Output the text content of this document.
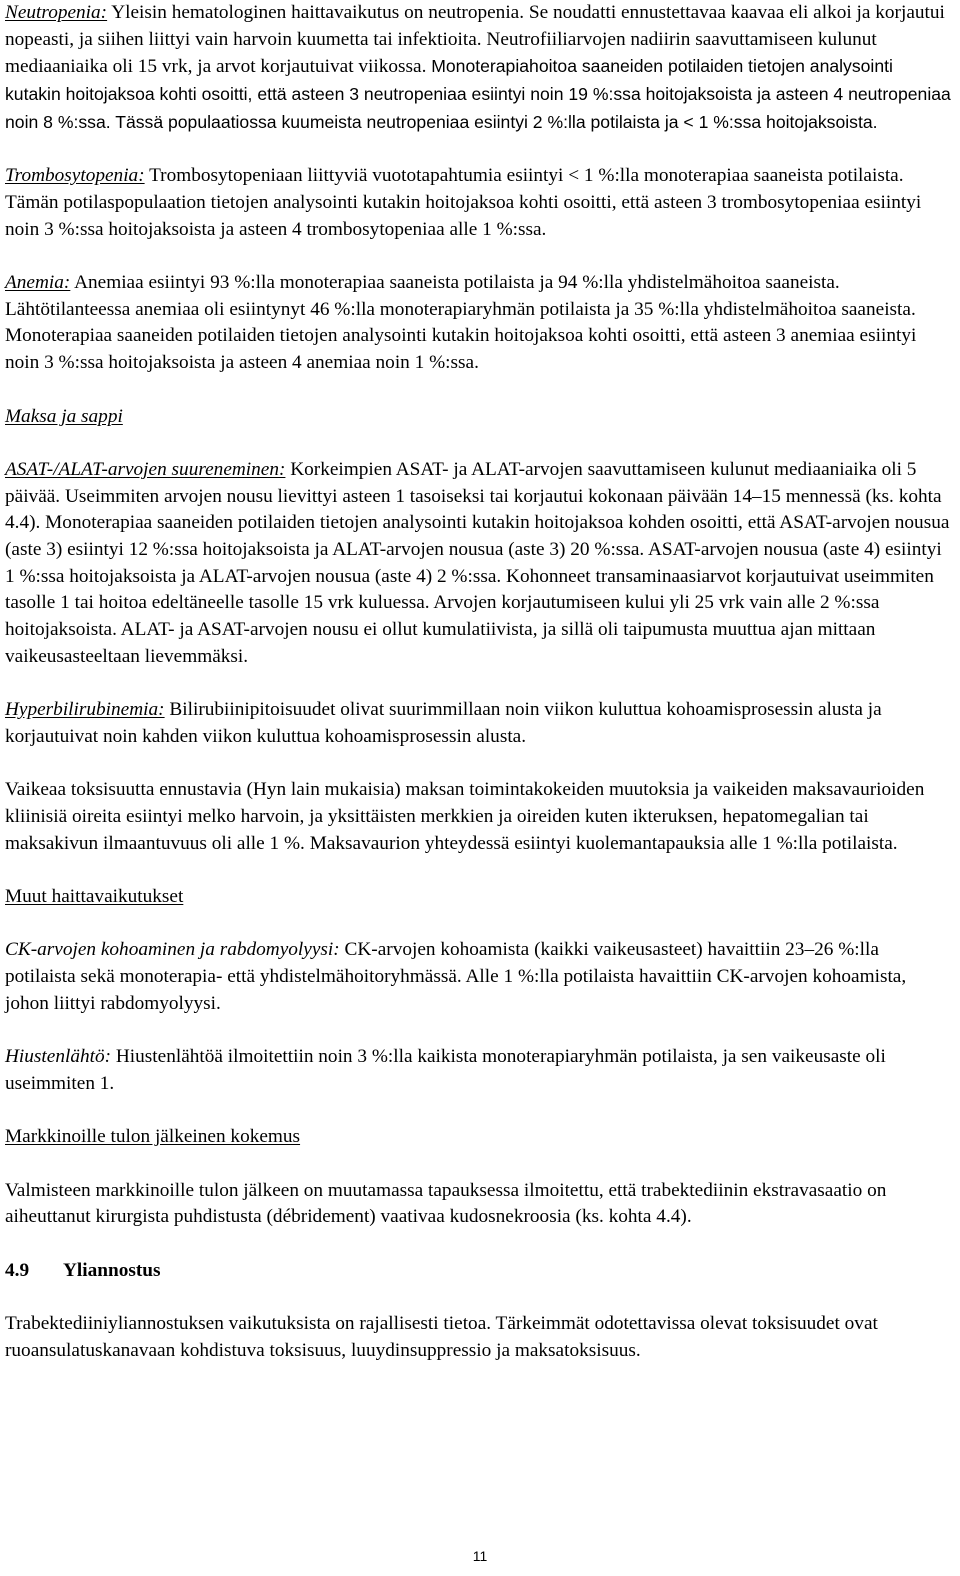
Neutropenia: Yleisin hematologinen haittavaikutus on neutropenia. Se noudatti ennustettavaa kaavaa eli alkoi ja korjautui nopeasti, ja siihen liittyi vain harvoin kuumetta tai infektioita. Neutrofiiliarvojen nadiirin saavuttamiseen kulunut mediaaniaika oli 15 vrk, ja arvot korjautuivat viikossa. Monoterapiahoitoa saaneiden potilaiden tietojen analysointi kutakin hoitojaksoa kohti osoitti, että asteen 3 neutropeniaa esiintyi noin 19 %:ssa hoitojaksoista ja asteen 4 neutropeniaa noin 8 %:ssa. Tässä populaatiossa kuumeista neutropeniaa esiintyi 2 %:lla potilaista ja < 1 %:ssa hoitojaksoista.

Trombosytopenia: Trombosytopeniaan liittyviä vuototapahtumia esiintyi < 1 %:lla monoterapiaa saaneista potilaista. Tämän potilaspopulaation tietojen analysointi kutakin hoitojaksoa kohti osoitti, että asteen 3 trombosytopeniaa esiintyi noin 3 %:ssa hoitojaksoista ja asteen 4 trombosytopeniaa alle 1 %:ssa.

Anemia: Anemiaa esiintyi 93 %:lla monoterapiaa saaneista potilaista ja 94 %:lla yhdistelmähoitoa saaneista. Lähtötilanteessa anemiaa oli esiintynyt 46 %:lla monoterapiaryhmän potilaista ja 35 %:lla yhdistelmähoitoa saaneista. Monoterapiaa saaneiden potilaiden tietojen analysointi kutakin hoitojaksoa kohti osoitti, että asteen 3 anemiaa esiintyi noin 3 %:ssa hoitojaksoista ja asteen 4 anemiaa noin 1 %:ssa.

Maksa ja sappi

ASAT-/ALAT-arvojen suureneminen: Korkeimpien ASAT- ja ALAT-arvojen saavuttamiseen kulunut mediaaniaika oli 5 päivää. Useimmiten arvojen nousu lievittyi asteen 1 tasoiseksi tai korjautui kokonaan päivään 14–15 mennessä (ks. kohta 4.4). Monoterapiaa saaneiden potilaiden tietojen analysointi kutakin hoitojaksoa kohden osoitti, että ASAT-arvojen nousua (aste 3) esiintyi 12 %:ssa hoitojaksoista ja ALAT-arvojen nousua (aste 3) 20 %:ssa. ASAT-arvojen nousua (aste 4) esiintyi 1 %:ssa hoitojaksoista ja ALAT-arvojen nousua (aste 4) 2 %:ssa. Kohonneet transaminaasiarvot korjautuivat useimmiten tasolle 1 tai hoitoa edeltäneelle tasolle 15 vrk kuluessa. Arvojen korjautumiseen kului yli 25 vrk vain alle 2 %:ssa hoitojaksoista. ALAT- ja ASAT-arvojen nousu ei ollut kumulatiivista, ja sillä oli taipumusta muuttua ajan mittaan vaikeusasteeltaan lievemmäksi.

Hyperbilirubinemia: Bilirubiinipitoisuudet olivat suurimmillaan noin viikon kuluttua kohoamisprosessin alusta ja korjautuivat noin kahden viikon kuluttua kohoamisprosessin alusta.

Vaikeaa toksisuutta ennustavia (Hyn lain mukaisia) maksan toimintakokeiden muutoksia ja vaikeiden maksavaurioiden kliinisiä oireita esiintyi melko harvoin, ja yksittäisten merkkien ja oireiden kuten ikteruksen, hepatomegalian tai maksakivun ilmaantuvuus oli alle 1 %. Maksavaurion yhteydessä esiintyi kuolemantapauksia alle 1 %:lla potilaista.

Muut haittavaikutukset

CK-arvojen kohoaminen ja rabdomyolyysi: CK-arvojen kohoamista (kaikki vaikeusasteet) havaittiin 23–26 %:lla potilaista sekä monoterapia- että yhdistelmähoitoryhmässä. Alle 1 %:lla potilaista havaittiin CK-arvojen kohoamista, johon liittyi rabdomyolyysi.

Hiustenlähtö: Hiustenlähtöä ilmoitettiin noin 3 %:lla kaikista monoterapiaryhmän potilaista, ja sen vaikeusaste oli useimmiten 1.

Markkinoille tulon jälkeinen kokemus

Valmisteen markkinoille tulon jälkeen on muutamassa tapauksessa ilmoitettu, että trabektediinin ekstravasaatio on aiheuttanut kirurgista puhdistusta (débridement) vaativaa kudosnekroosia (ks. kohta 4.4).

4.9 Yliannostus

Trabektediiniyliannostuksen vaikutuksista on rajallisesti tietoa. Tärkeimmät odotettavissa olevat toksisuudet ovat ruoansulatuskanavaan kohdistuva toksisuus, luuydinsuppressio ja maksatoksisuus.

11
